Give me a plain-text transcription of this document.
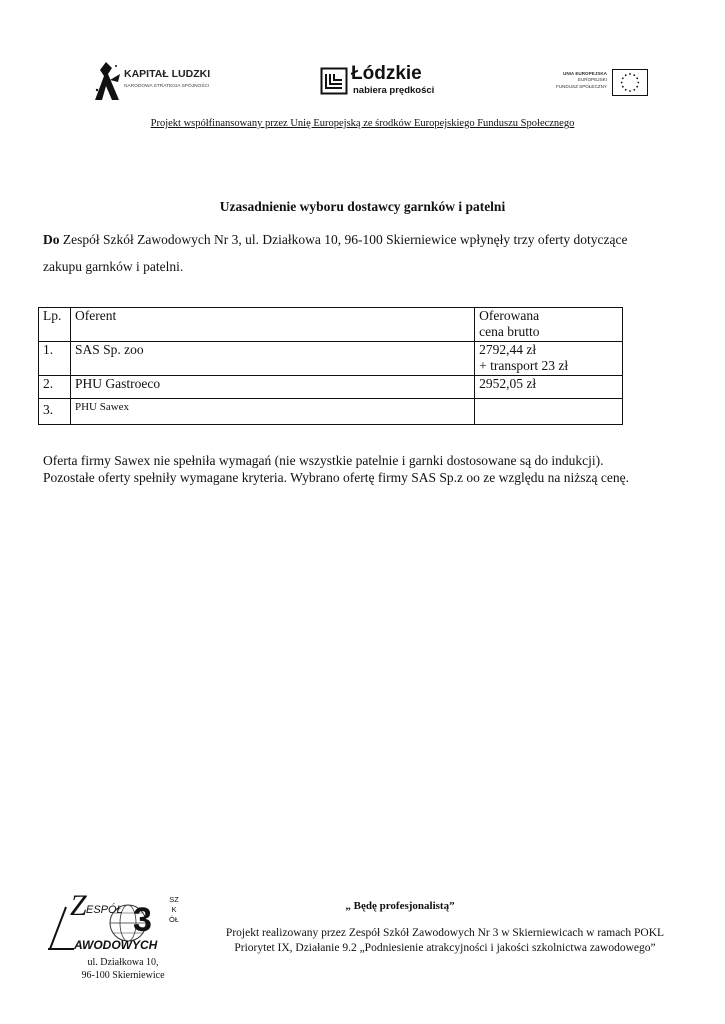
KAPITAŁ LUDZKI
NARODOWA STRATEGIA SPÓJNOŚCI
Łódzkie
nabiera prędkości
UNIA EUROPEJSKA
EUROPEJSKI
FUNDUSZ SPOŁECZNY
Projekt współfinansowany przez Unię Europejską ze środków Europejskiego Funduszu Społecznego
Uzasadnienie wyboru dostawcy garnków i patelni
Do Zespół Szkół Zawodowych Nr 3, ul. Działkowa 10, 96-100 Skierniewice wpłynęły trzy oferty dotyczące
zakupu garnków i patelni.
Lp.	Oferent	Oferowana
cena brutto

1.	SAS Sp. zoo	2792,44 zł
+ transport 23 zł

2.	PHU Gastroeco	2952,05 zł

3.	PHU Sawex	
Oferta firmy Sawex nie spełniła wymagań (nie wszystkie patelnie i garnki dostosowane są do indukcji).
Pozostałe oferty spełniły wymagane kryteria. Wybrano ofertę firmy SAS Sp.z oo ze względu na niższą cenę.
Z ESPÓŁ 3
AWODOWYCH
SZKÓŁ
„ Będę profesjonalistą”
Projekt realizowany przez Zespół Szkół Zawodowych Nr 3 w Skierniewicach w ramach POKL
Priorytet IX, Działanie 9.2 „Podniesienie atrakcyjności i jakości szkolnictwa zawodowego”
ul. Działkowa 10,
96-100 Skierniewice
